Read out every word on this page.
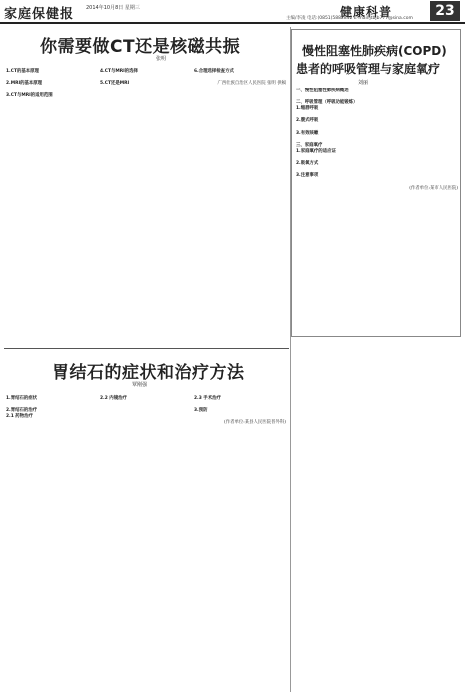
家庭保健报 2014年10月8日 星期三	健康科普	23
主编/李凌 电话:(0851)5882842 E-mail:jtbjb777@sina.com
你需要做CT还是核磁共振
张明

1.CT的基本原理

2.MRI的基本原理

3.CT与MRI的适用范围

4.CT与MRI的选择

5.CT还是MRI

6.合理选择检查方式

广西壮族自治区人民医院 张明 供稿
慢性阻塞性肺疾病(COPD)
患者的呼吸管理与家庭氧疗
刘丽
一、慢性阻塞性肺疾病概述

二、呼吸管理（呼吸功能锻炼）
1.缩唇呼吸

2.腹式呼吸

3.有效咳嗽

三、家庭氧疗
1.家庭氧疗的适应证

2.吸氧方式

3.注意事项

(作者单位:某市人民医院)
胃结石的症状和治疗方法
覃刚强

1.胃结石的症状

2.胃结石的治疗
2.1 药物治疗

2.2 内镜治疗

	2.3 手术治疗

3.预防

(作者单位:某县人民医院普外科)
